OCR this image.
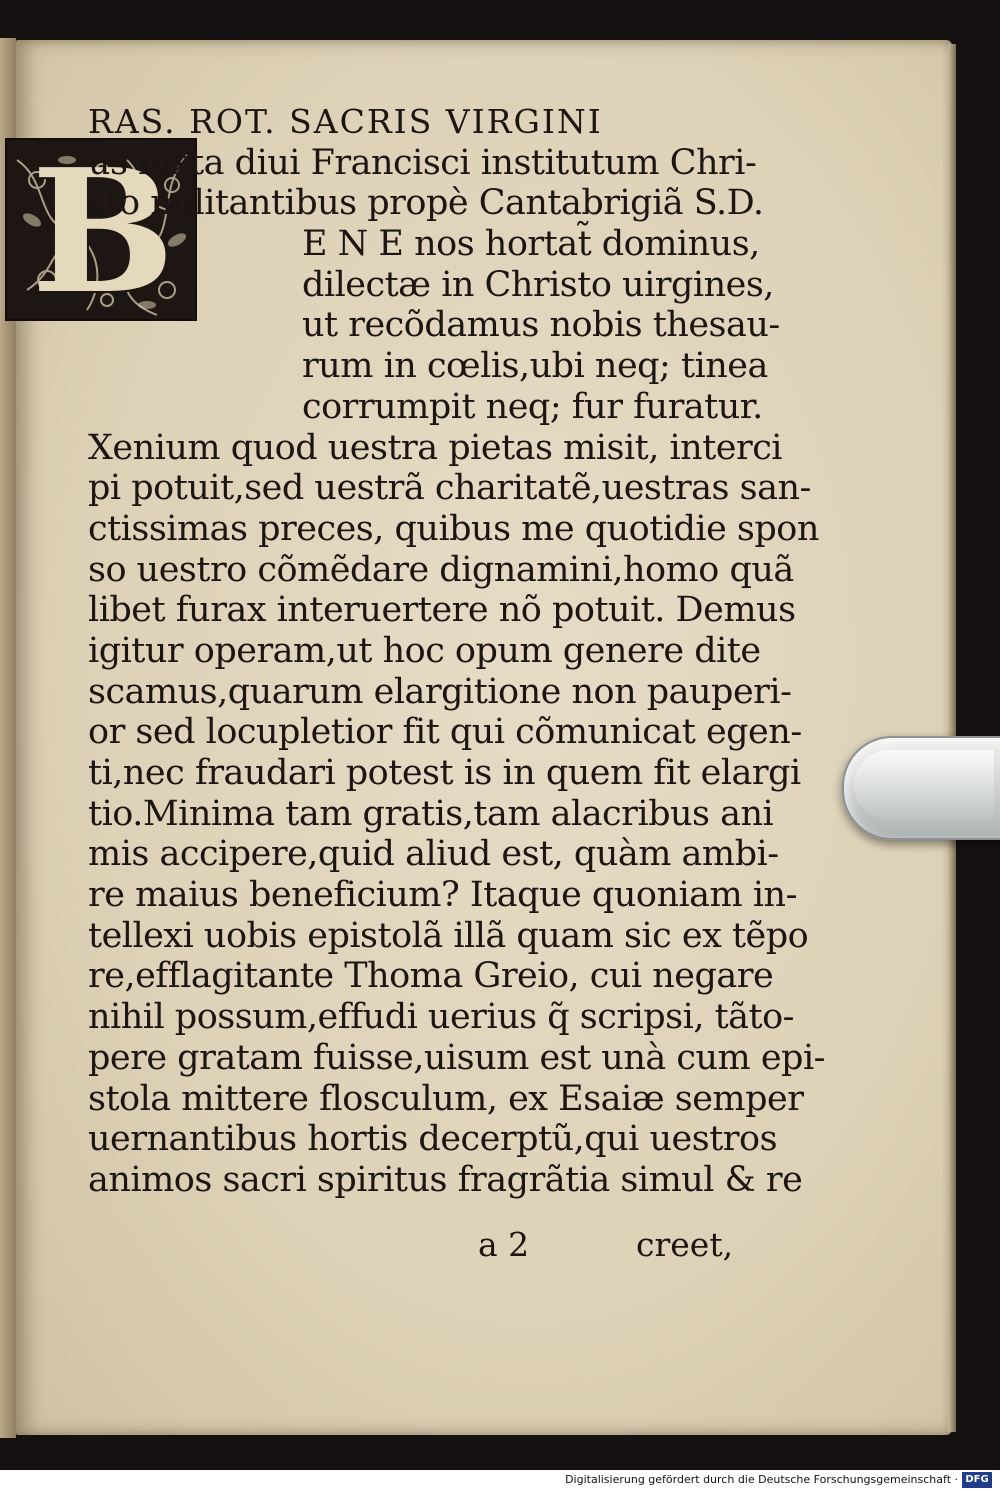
B
RAS. ROT. SACRIS VIRGINI
us iuxta diui Francisci institutum Chri-
sto militantibus propè Cantabrigiã S.D.
E N E nos hortat̃ dominus,
dilectæ in Christo uirgines,
ut recõdamus nobis thesau-
rum in cœlis,ubi neq; tinea
corrumpit neq; fur furatur.
Xenium quod uestra pietas misit, interci
pi potuit,sed uestrã charitatẽ,uestras san-
ctissimas preces, quibus me quotidie spon
so uestro cõmẽdare dignamini,homo quã
libet furax interuertere nõ potuit. Demus
igitur operam,ut hoc opum genere dite
scamus,quarum elargitione non pauperi-
or sed locupletior fit qui cõmunicat egen-
ti,nec fraudari potest is in quem fit elargi
tio.Minima tam gratis,tam alacribus ani
mis accipere,quid aliud est, quàm ambi-
re maius beneficium? Itaque quoniam in-
tellexi uobis epistolã illã quam sic ex tẽpo
re,efflagitante Thoma Greio, cui negare
nihil possum,effudi uerius q̃ scripsi, tãto-
pere gratam fuisse,uisum est unà cum epi-
stola mittere flosculum, ex Esaiæ semper
uernantibus hortis decerptũ,qui uestros
animos sacri spiritus fragrãtia simul & re
a 2	creet,
Digitalisierung gefördert durch die Deutsche Forschungsgemeinschaft · DFG
